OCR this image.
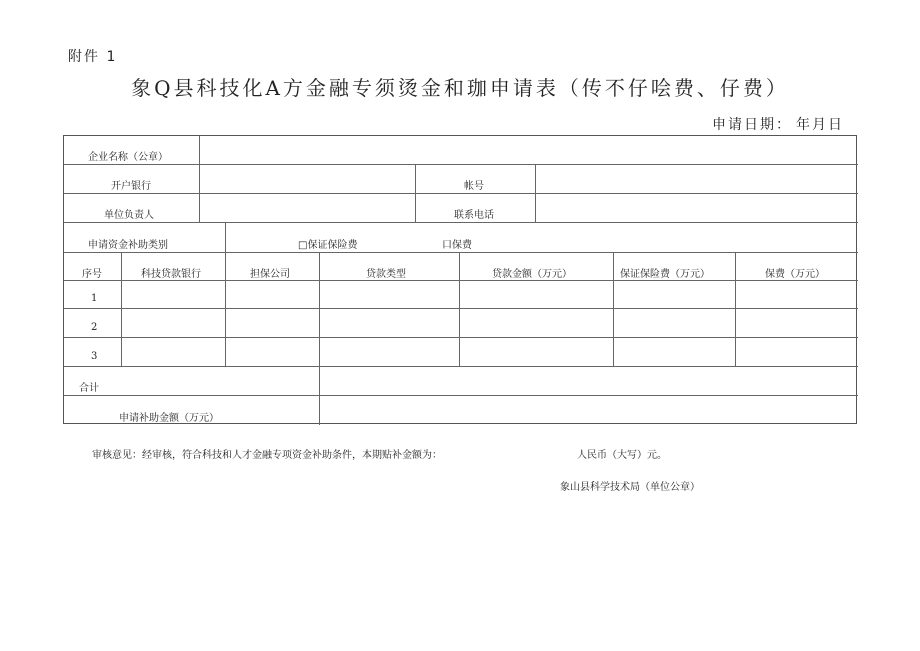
附件 1
象Q县科技化A方金融专须烫金和珈申请表（传不仔哙费、仔费）
申请日期： 年月日
企业名称（公章）
开户银行	帐号
单位负责人	联系电话
申请资金补助类别	□保证保险费	口保费
序号	科技贷款银行	担保公司	贷款类型	贷款金额（万元）	保证保险费（万元）	保费（万元）
1
2
3
合计
申请补助金额（万元）
审核意见：经审核，符合科技和人才金融专项资金补助条件，本期贴补金额为：	人民币（大写）元。
象山县科学技术局（单位公章）
